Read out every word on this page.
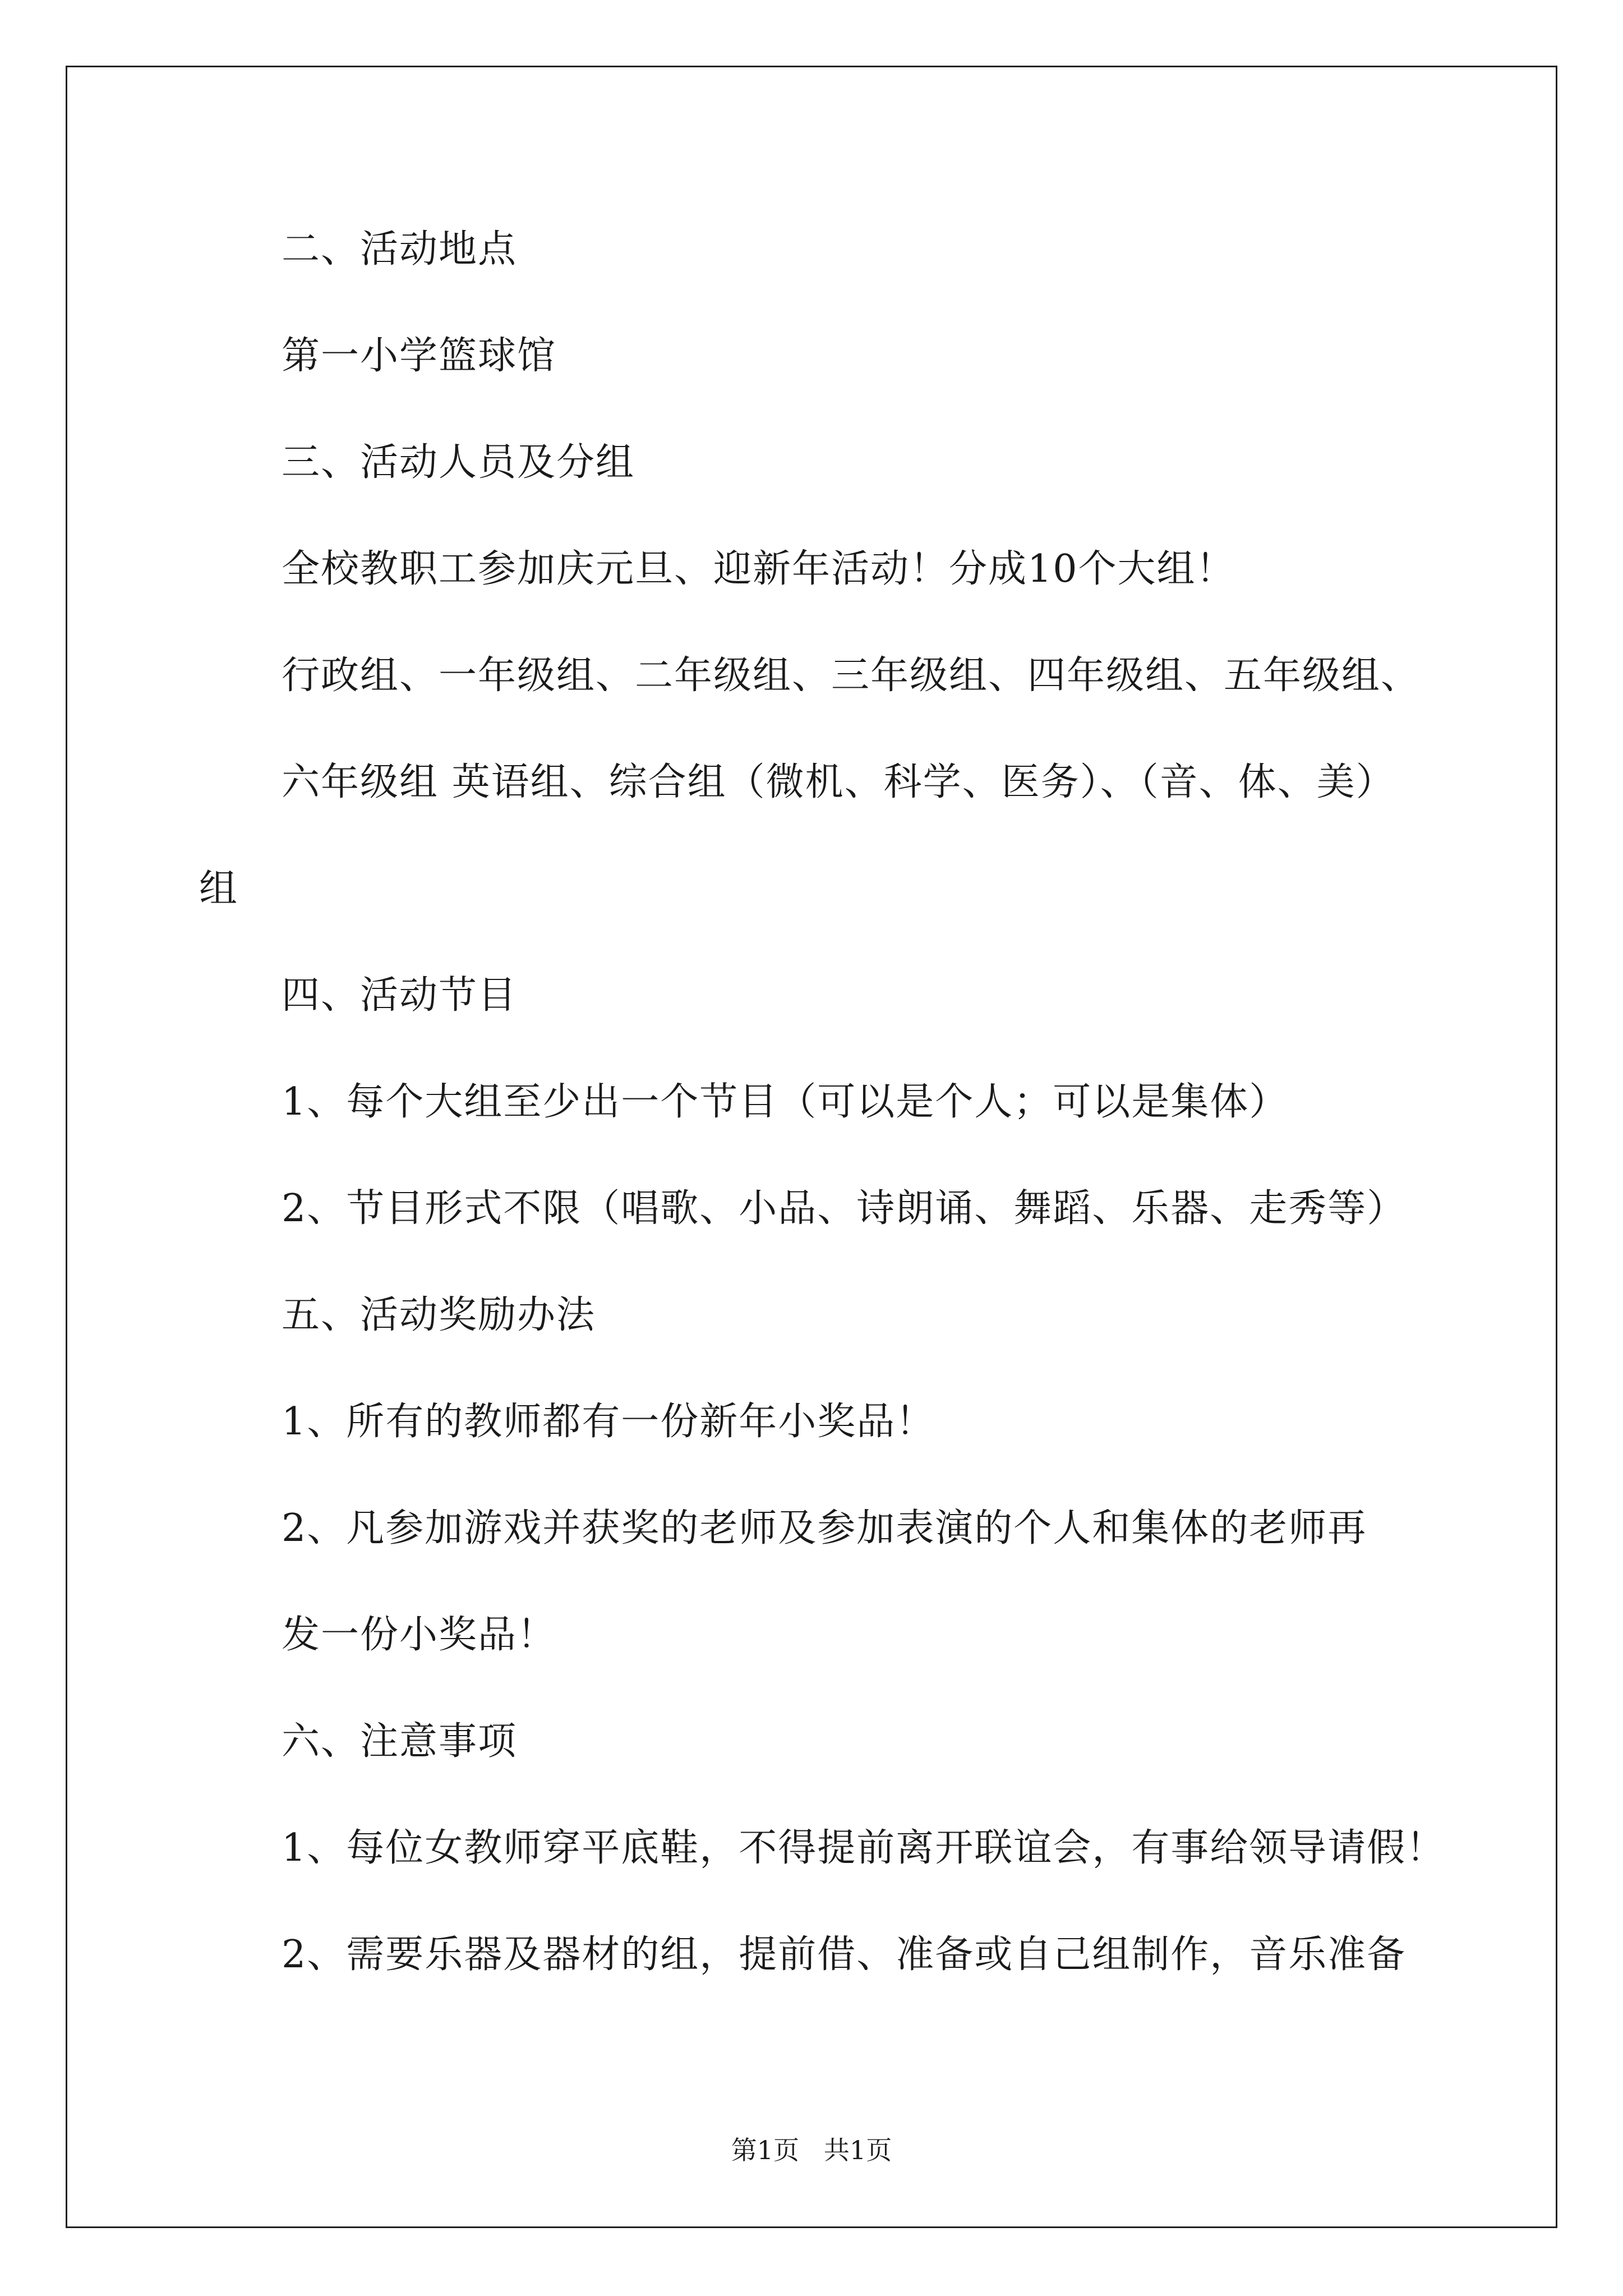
二、活动地点
第一小学篮球馆
三、活动人员及分组
全校教职工参加庆元旦、迎新年活动！分成10个大组！
行政组、一年级组、二年级组、三年级组、四年级组、五年级组、
六年级组 英语组、综合组（微机、科学、医务）、（音、体、美）
组
四、活动节目
1、每个大组至少出一个节目（可以是个人；可以是集体）
2、节目形式不限（唱歌、小品、诗朗诵、舞蹈、乐器、走秀等）
五、活动奖励办法
1、所有的教师都有一份新年小奖品！
2、凡参加游戏并获奖的老师及参加表演的个人和集体的老师再
发一份小奖品！
六、注意事项
1、每位女教师穿平底鞋，不得提前离开联谊会，有事给领导请假！
2、需要乐器及器材的组，提前借、准备或自己组制作，音乐准备
第1页   共1页
